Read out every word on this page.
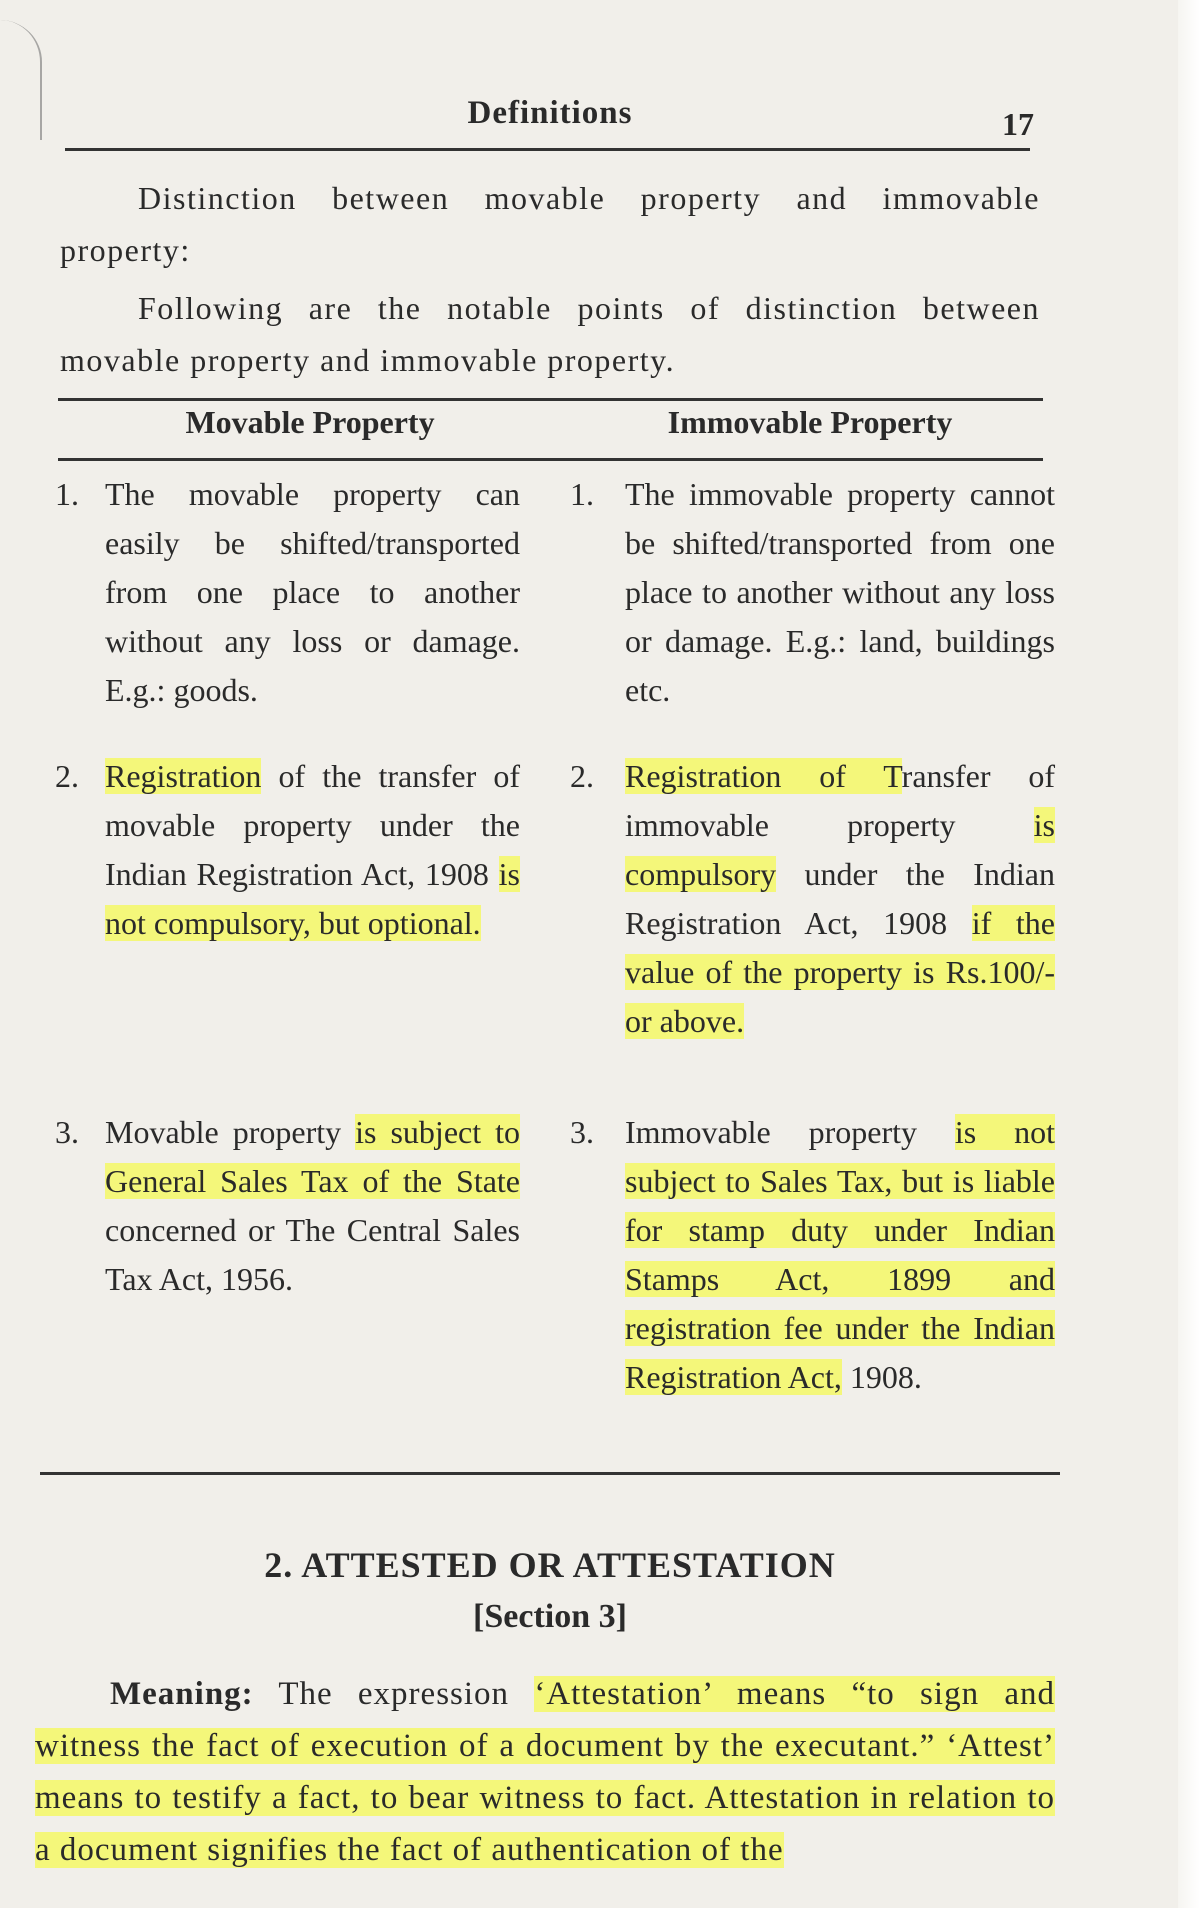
Definitions	17
Distinction between movable property and immovable property:
Following are the notable points of distinction between movable property and immovable property.
Movable Property	Immovable Property
1. The movable property can easily be shifted/transported from one place to another without any loss or damage. E.g.: goods.
1. The immovable property cannot be shifted/transported from one place to another without any loss or damage. E.g.: land, buildings etc.
2. Registration of the transfer of movable property under the Indian Registration Act, 1908 is not compulsory, but optional.
2. Registration of Transfer of immovable property is compulsory under the Indian Registration Act, 1908 if the value of the property is Rs.100/- or above.
3. Movable property is subject to General Sales Tax of the State concerned or The Central Sales Tax Act, 1956.
3. Immovable property is not subject to Sales Tax, but is liable for stamp duty under Indian Stamps Act, 1899 and registration fee under the Indian Registration Act, 1908.
2. ATTESTED OR ATTESTATION
[Section 3]
Meaning: The expression ‘Attestation’ means “to sign and witness the fact of execution of a document by the executant.” ‘Attest’ means to testify a fact, to bear witness to fact. Attestation in relation to a document signifies the fact of authentication of the
